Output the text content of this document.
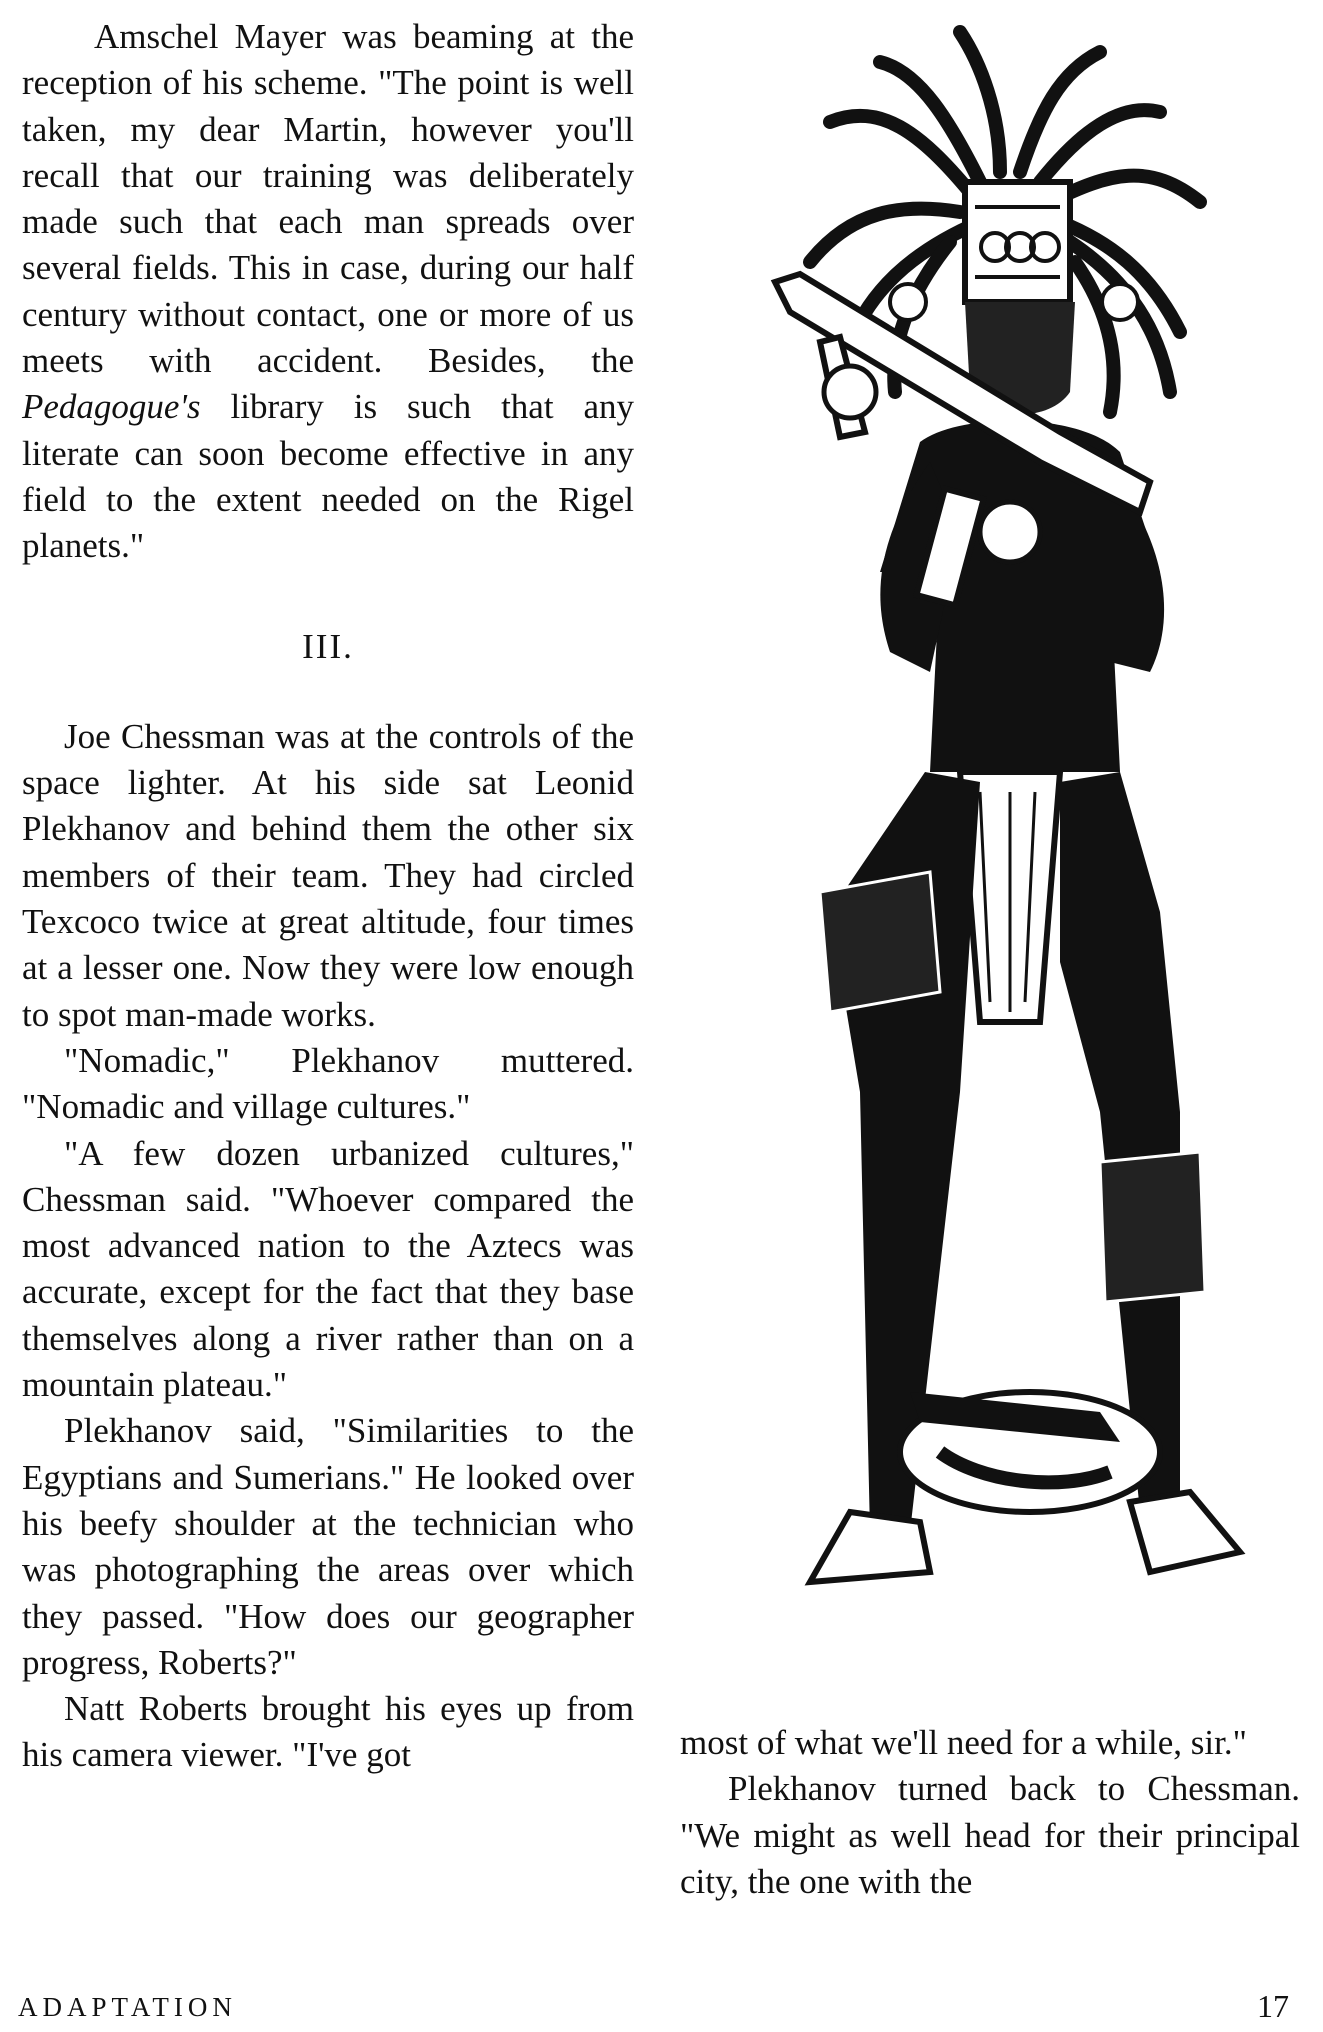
Amschel Mayer was beaming at the reception of his scheme. "The point is well taken, my dear Martin, however you'll recall that our training was deliberately made such that each man spreads over several fields. This in case, during our half century without contact, one or more of us meets with accident. Besides, the Pedagogue's library is such that any literate can soon become effective in any field to the extent needed on the Rigel planets."

III.

Joe Chessman was at the controls of the space lighter. At his side sat Leonid Plekhanov and behind them the other six members of their team. They had circled Texcoco twice at great altitude, four times at a lesser one. Now they were low enough to spot man-made works.

"Nomadic," Plekhanov muttered. "Nomadic and village cultures."

"A few dozen urbanized cultures," Chessman said. "Whoever compared the most advanced nation to the Aztecs was accurate, except for the fact that they base themselves along a river rather than on a mountain plateau."

Plekhanov said, "Similarities to the Egyptians and Sumerians." He looked over his beefy shoulder at the technician who was photographing the areas over which they passed. "How does our geographer progress, Roberts?"

Natt Roberts brought his eyes up from his camera viewer. "I've got	most of what we'll need for a while, sir."

Plekhanov turned back to Chessman. "We might as well head for their principal city, the one with the

ADAPTATION	17
